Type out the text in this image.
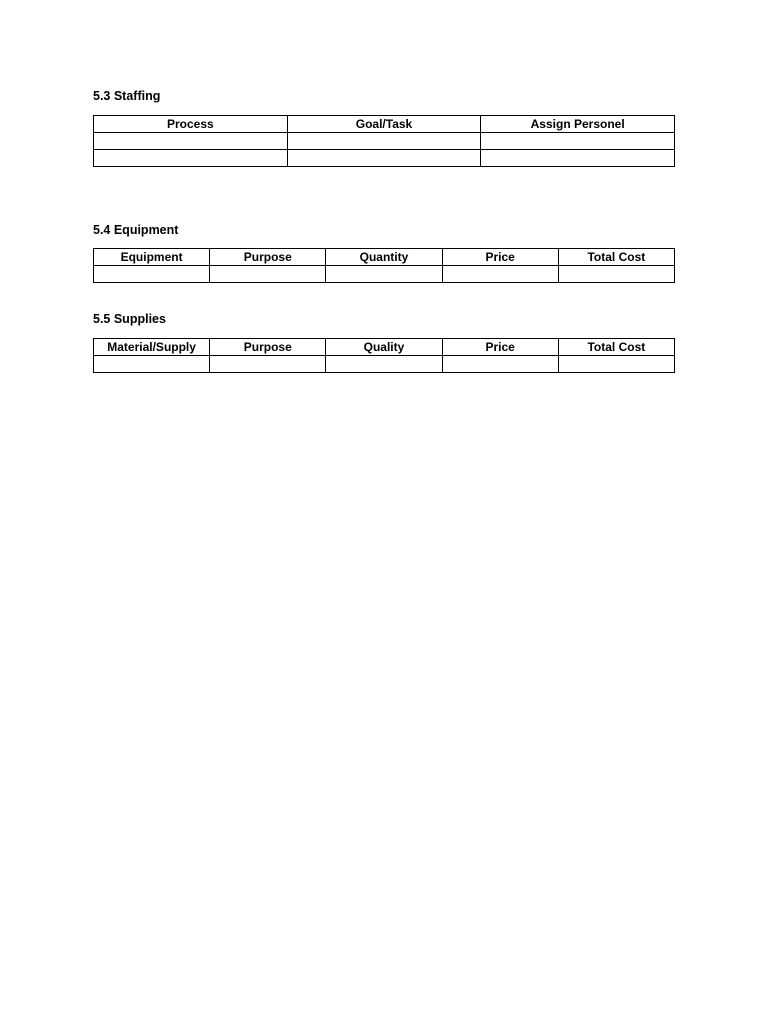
5.3 Staffing
Process	Goal/Task	Assign Personel

5.4 Equipment
Equipment	Purpose	Quantity	Price	Total Cost

5.5 Supplies
Material/Supply	Purpose	Quality	Price	Total Cost
